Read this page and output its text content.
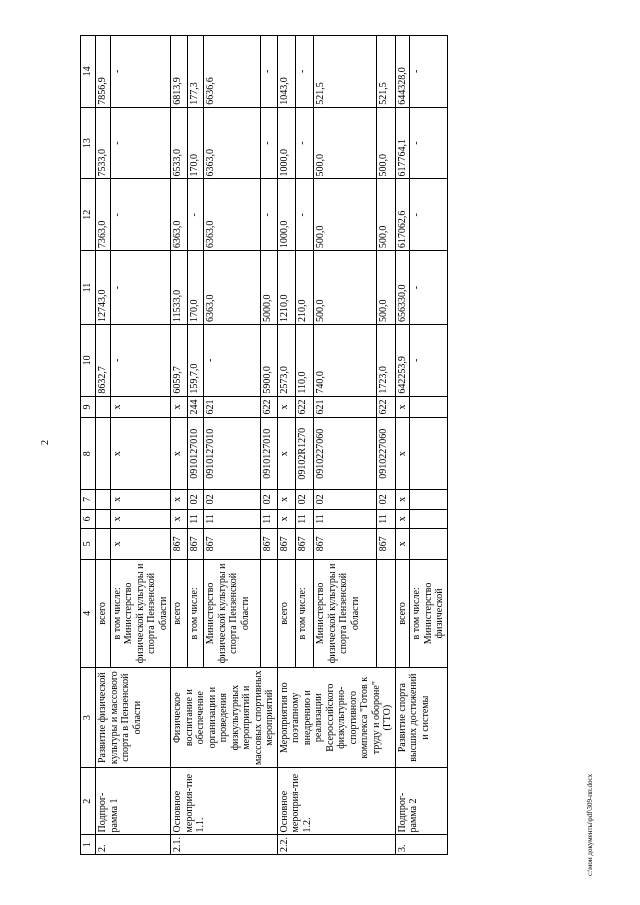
2
c:\мои документы\pdf\309-пп.docx
1	2	3	4	5	6	7	8	9	10	11	12	13	14
2.	Подпрог- рамма 1	Развитие физической культуры и массового спорта в Пензенской области	всего						8632,7	12743,0	7363,0	7533,0	7856,9
			в том числе: Министерство физической культуры и спорта Пензенской области	x	x	x	x	x	-	-	-	-	-
2.1.	Основное мероприя-тие 1.1.	Физическое воспитание и обеспечение организации и проведения физкультурных мероприятий и массовых спортивных мероприятий	всего	867	x	x	x	x	6059,7	11533,0	6363,0	6533,0	6813,9
			в том числе:	867	11	02	0910127010	244	159,7,0	170,0	-	170,0	177,3
			Министерство физической культуры и спорта Пензенской области	867	11	02	0910127010	621	-	6363,0	6363,0	6363,0	6636,6
				867	11	02	0910127010	622	5900,0	5000,0	-	-	-
2.2.	Основное мероприя-тие 1.2.	Мероприятия по поэтапному внедрению и реализации Всероссийского физкультурно-спортивного комплекса "Готов к труду и обороне" (ГТО)	всего	867	x	x	x	x	2573,0	1210,0	1000,0	1000,0	1043,0
			в том числе:	867	11	02	09102R1270	622	110,0	210,0	-	-	-
			Министерство физической культуры и спорта Пензенской области	867	11	02	0910227060	621	740,0	500,0	500,0	500,0	521,5
				867	11	02	0910227060	622	1723,0	500,0	500,0	500,0	521,5
3.	Подпрог- рамма 2	Развитие спорта высших достижений и системы	всего	x	x	x	x	x	642253,9	656330,0	617062,6	617764,1	644328,0
			в том числе: Министерство физической						-	-	-	-	-
